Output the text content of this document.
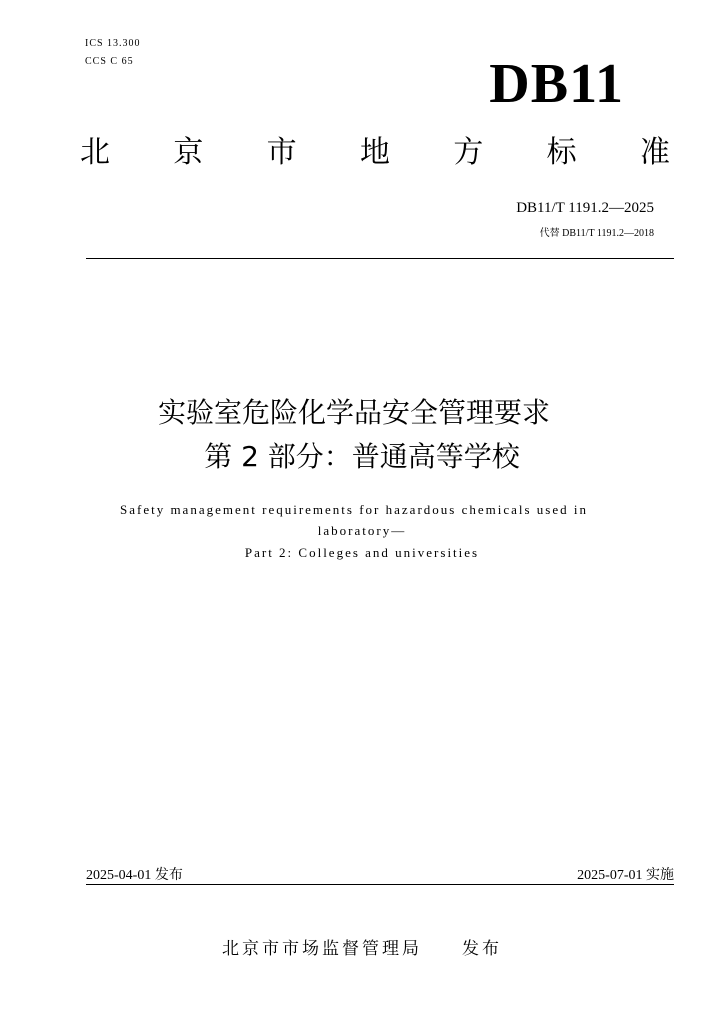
ICS 13.300
CCS C 65	DB11
北 京 市 地 方 标 准
DB11/T 1191.2—2025
代替 DB11/T 1191.2—2018
实验室危险化学品安全管理要求
第 2 部分：普通高等学校
Safety management requirements for hazardous chemicals used in
laboratory—
Part 2: Colleges and universities
2025-04-01 发布	2025-07-01 实施
北京市市场监督管理局 发布
